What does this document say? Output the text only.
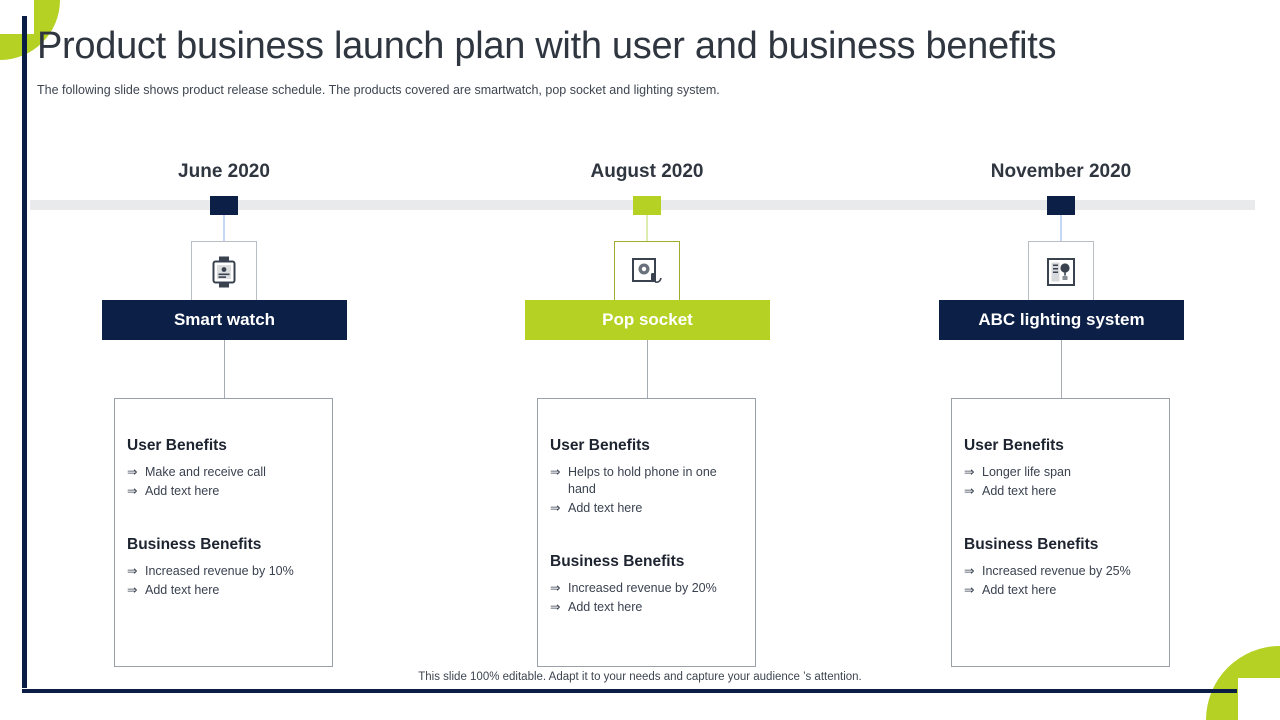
8
Product business launch plan with user and business benefits
The following slide shows product release schedule. The products covered are smartwatch, pop socket and lighting system.
June 2020
Smart watch
User Benefits
⇒ Make and receive call
⇒ Add text here
Business Benefits
⇒ Increased revenue by 10%
⇒ Add text here
August 2020
Pop socket
User Benefits
⇒ Helps to hold phone in one hand
⇒ Add text here
Business Benefits
⇒ Increased revenue by 20%
⇒ Add text here
November 2020
ABC lighting system
User Benefits
⇒ Longer life span
⇒ Add text here
Business Benefits
⇒ Increased revenue by 25%
⇒ Add text here
This slide 100% editable. Adapt it to your needs and capture your audience ’s attention.
